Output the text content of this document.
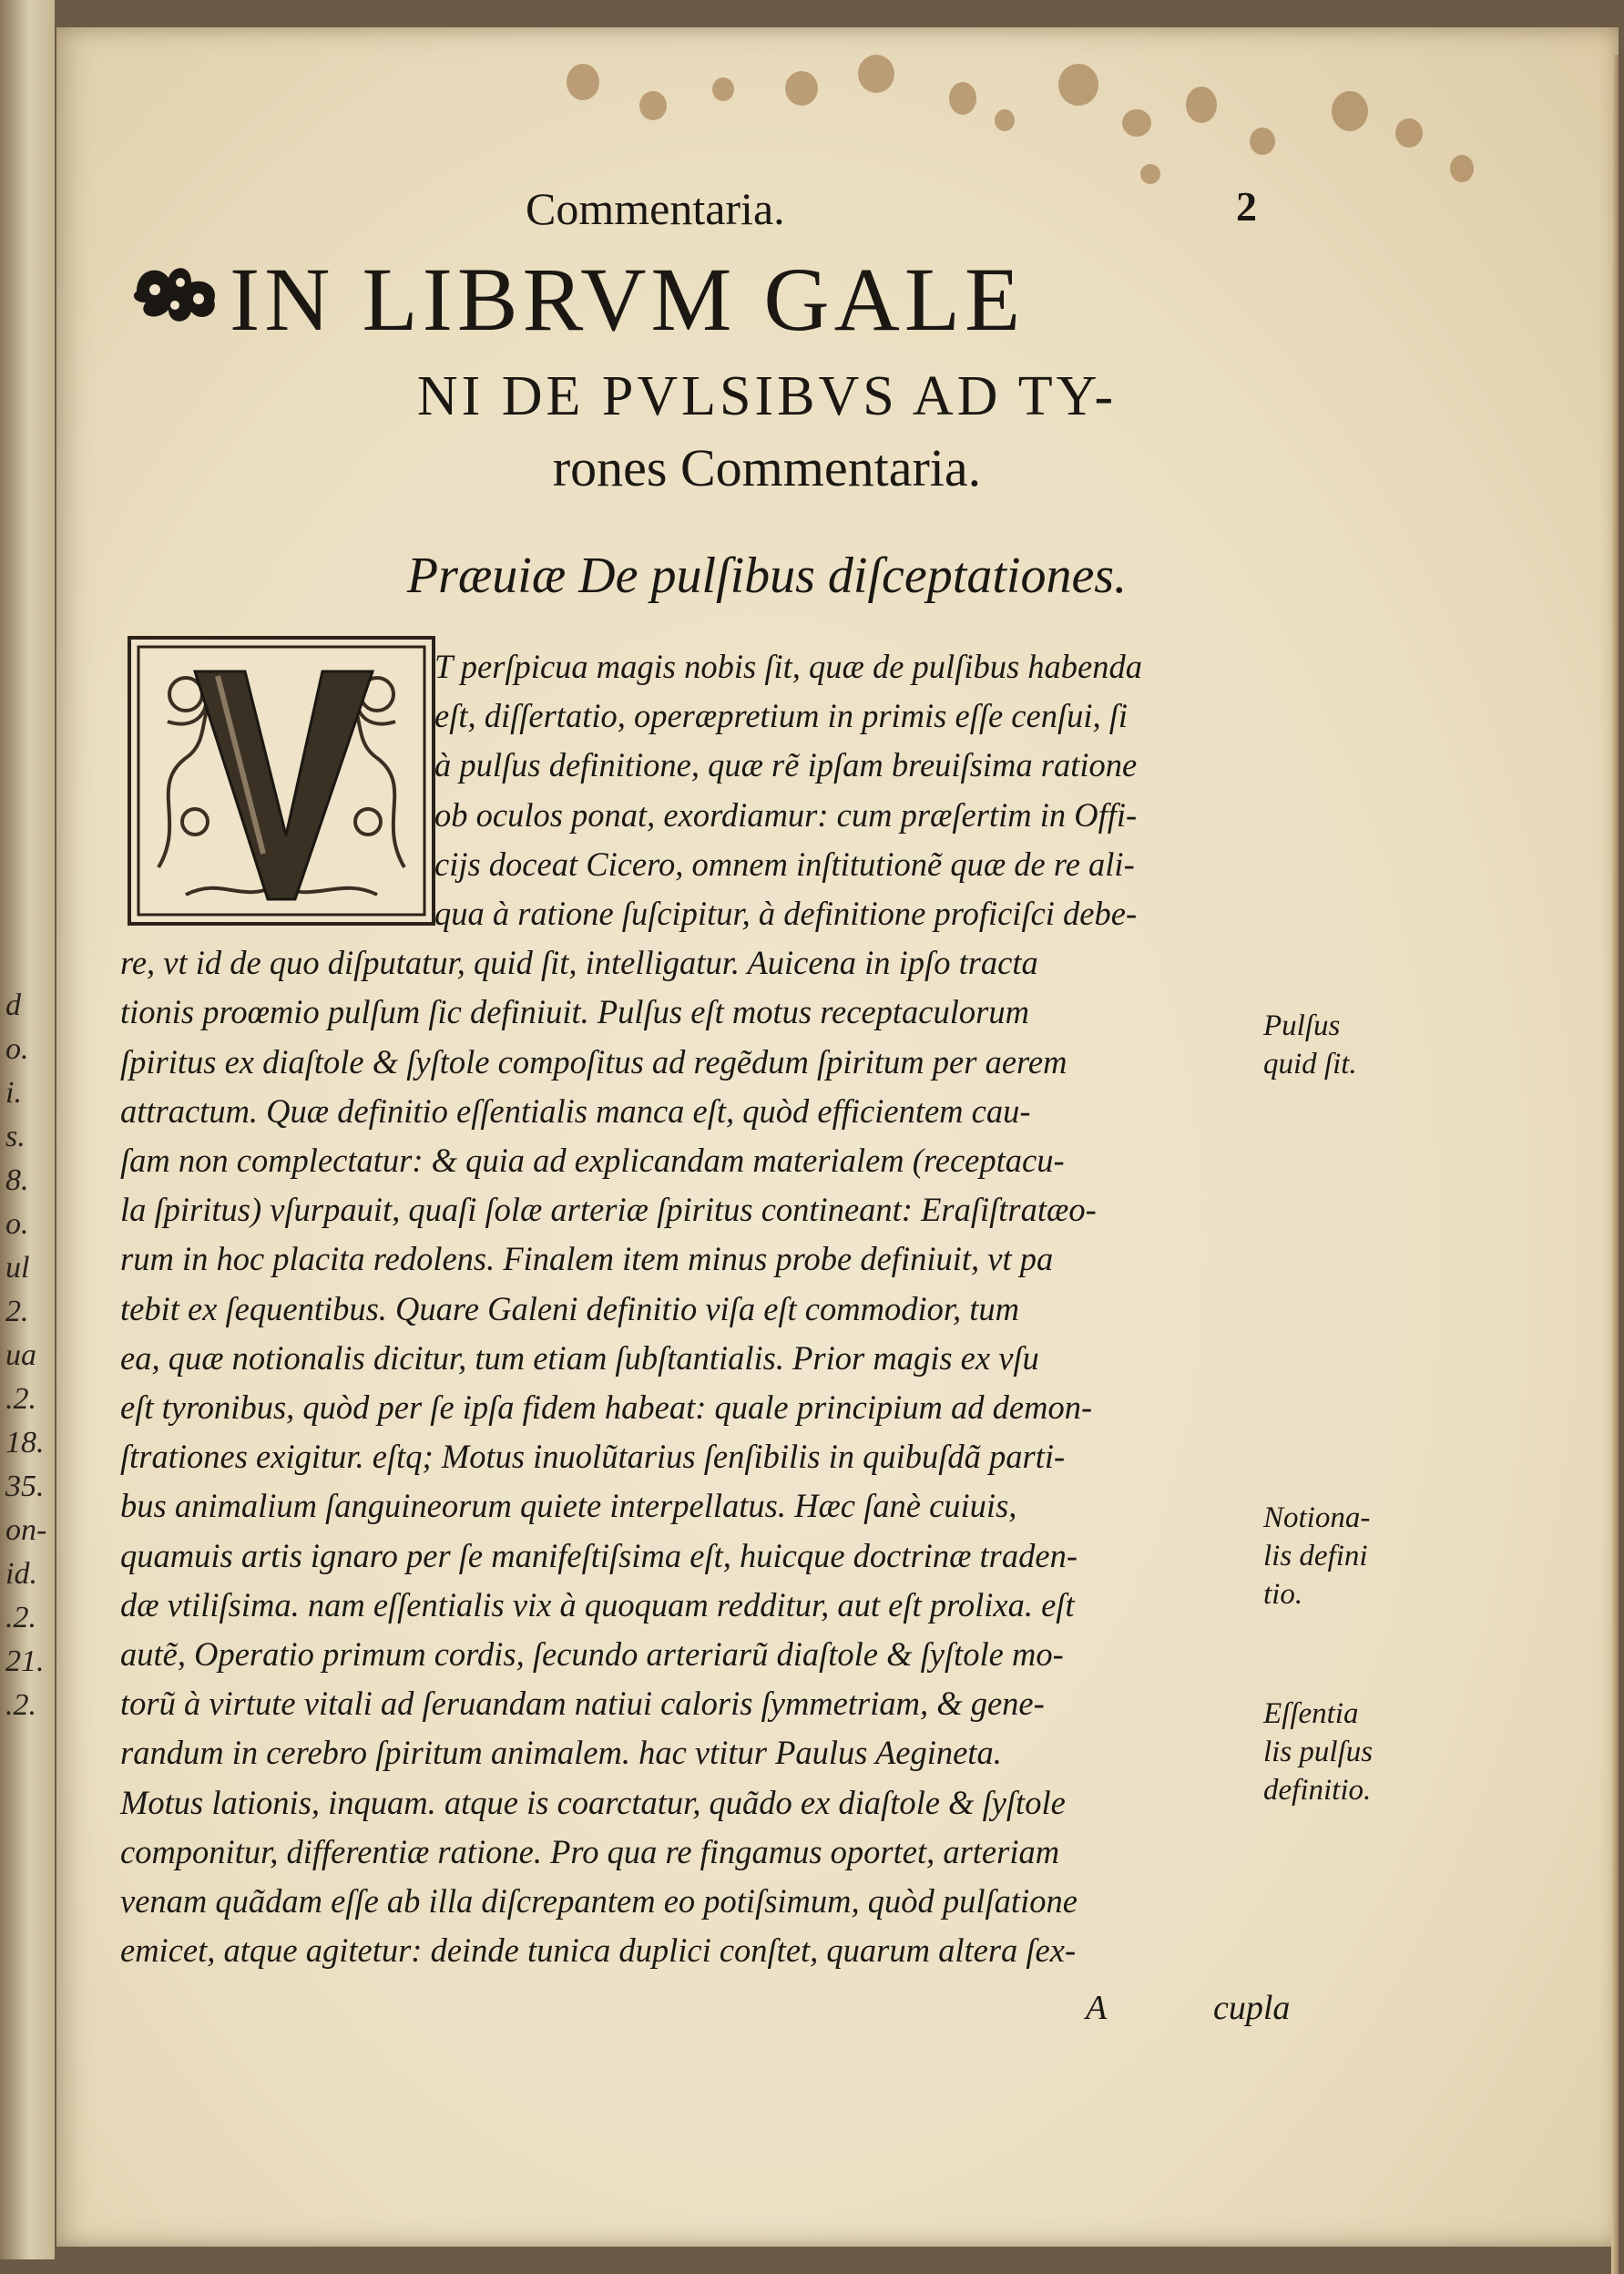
d
o.
i.
s.
8.
o.
ul
2.
ua
.2.
18.
35.
on-
id.
.2.
21.
.2.
Commentaria.	2
IN LIBRVM GALE
NI DE PVLSIBVS AD TY-
rones Commentaria.
Præuiæ De pulſibus diſceptationes.
V
T perſpicua magis nobis ſit, quæ de pulſibus habenda
eſt, diſſertatio, operæpretium in primis eſſe cenſui, ſi
à pulſus definitione, quæ rẽ ipſam breuiſsima ratione
ob oculos ponat, exordiamur: cum præſertim in Offi-
ciјs doceat Cicero, omnem inſtitutionẽ quæ de re ali-
qua à ratione ſuſcipitur, à definitione proficiſci debe-
re, vt id de quo diſputatur, quid ſit, intelligatur. Auicena in ipſo tracta
tionis proœmio pulſum ſic definiuit. Pulſus eſt motus receptaculorum
ſpiritus ex diaſtole & ſyſtole compoſitus ad regẽdum ſpiritum per aerem
attractum. Quæ definitio eſſentialis manca eſt, quòd efficientem cau-
ſam non complectatur: & quia ad explicandam materialem (receptacu-
la ſpiritus) vſurpauit, quaſi ſolæ arteriæ ſpiritus contineant: Eraſiſtratæo-
rum in hoc placita redolens. Finalem item minus probe definiuit, vt pa
tebit ex ſequentibus. Quare Galeni definitio viſa eſt commodior, tum
ea, quæ notionalis dicitur, tum etiam ſubſtantialis. Prior magis ex vſu
eſt tyronibus, quòd per ſe ipſa fidem habeat: quale principium ad demon-
ſtrationes exigitur. eſtq; Motus inuolũtarius ſenſibilis in quibuſdã parti-
bus animalium ſanguineorum quiete interpellatus. Hæc ſanè cuiuis,
quamuis artis ignaro per ſe manifeſtiſsima eſt, huicque doctrinæ traden-
dæ vtiliſsima. nam eſſentialis vix à quoquam redditur, aut eſt prolixa. eſt
autẽ, Operatio primum cordis, ſecundo arteriarũ diaſtole & ſyſtole mo-
torũ à virtute vitali ad ſeruandam natiui caloris ſymmetriam, & gene-
randum in cerebro ſpiritum animalem. hac vtitur Paulus Aegineta.
Motus lationis, inquam. atque is coarctatur, quãdo ex diaſtole & ſyſtole
componitur, differentiæ ratione. Pro qua re fingamus oportet, arteriam
venam quãdam eſſe ab illa diſcrepantem eo potiſsimum, quòd pulſatione
emicet, atque agitetur: deinde tunica duplici conſtet, quarum altera ſex-
Pulſus
quid ſit.
Notiona-
lis defini
tio.
Eſſentia
lis pulſus
definitio.
A	cupla
